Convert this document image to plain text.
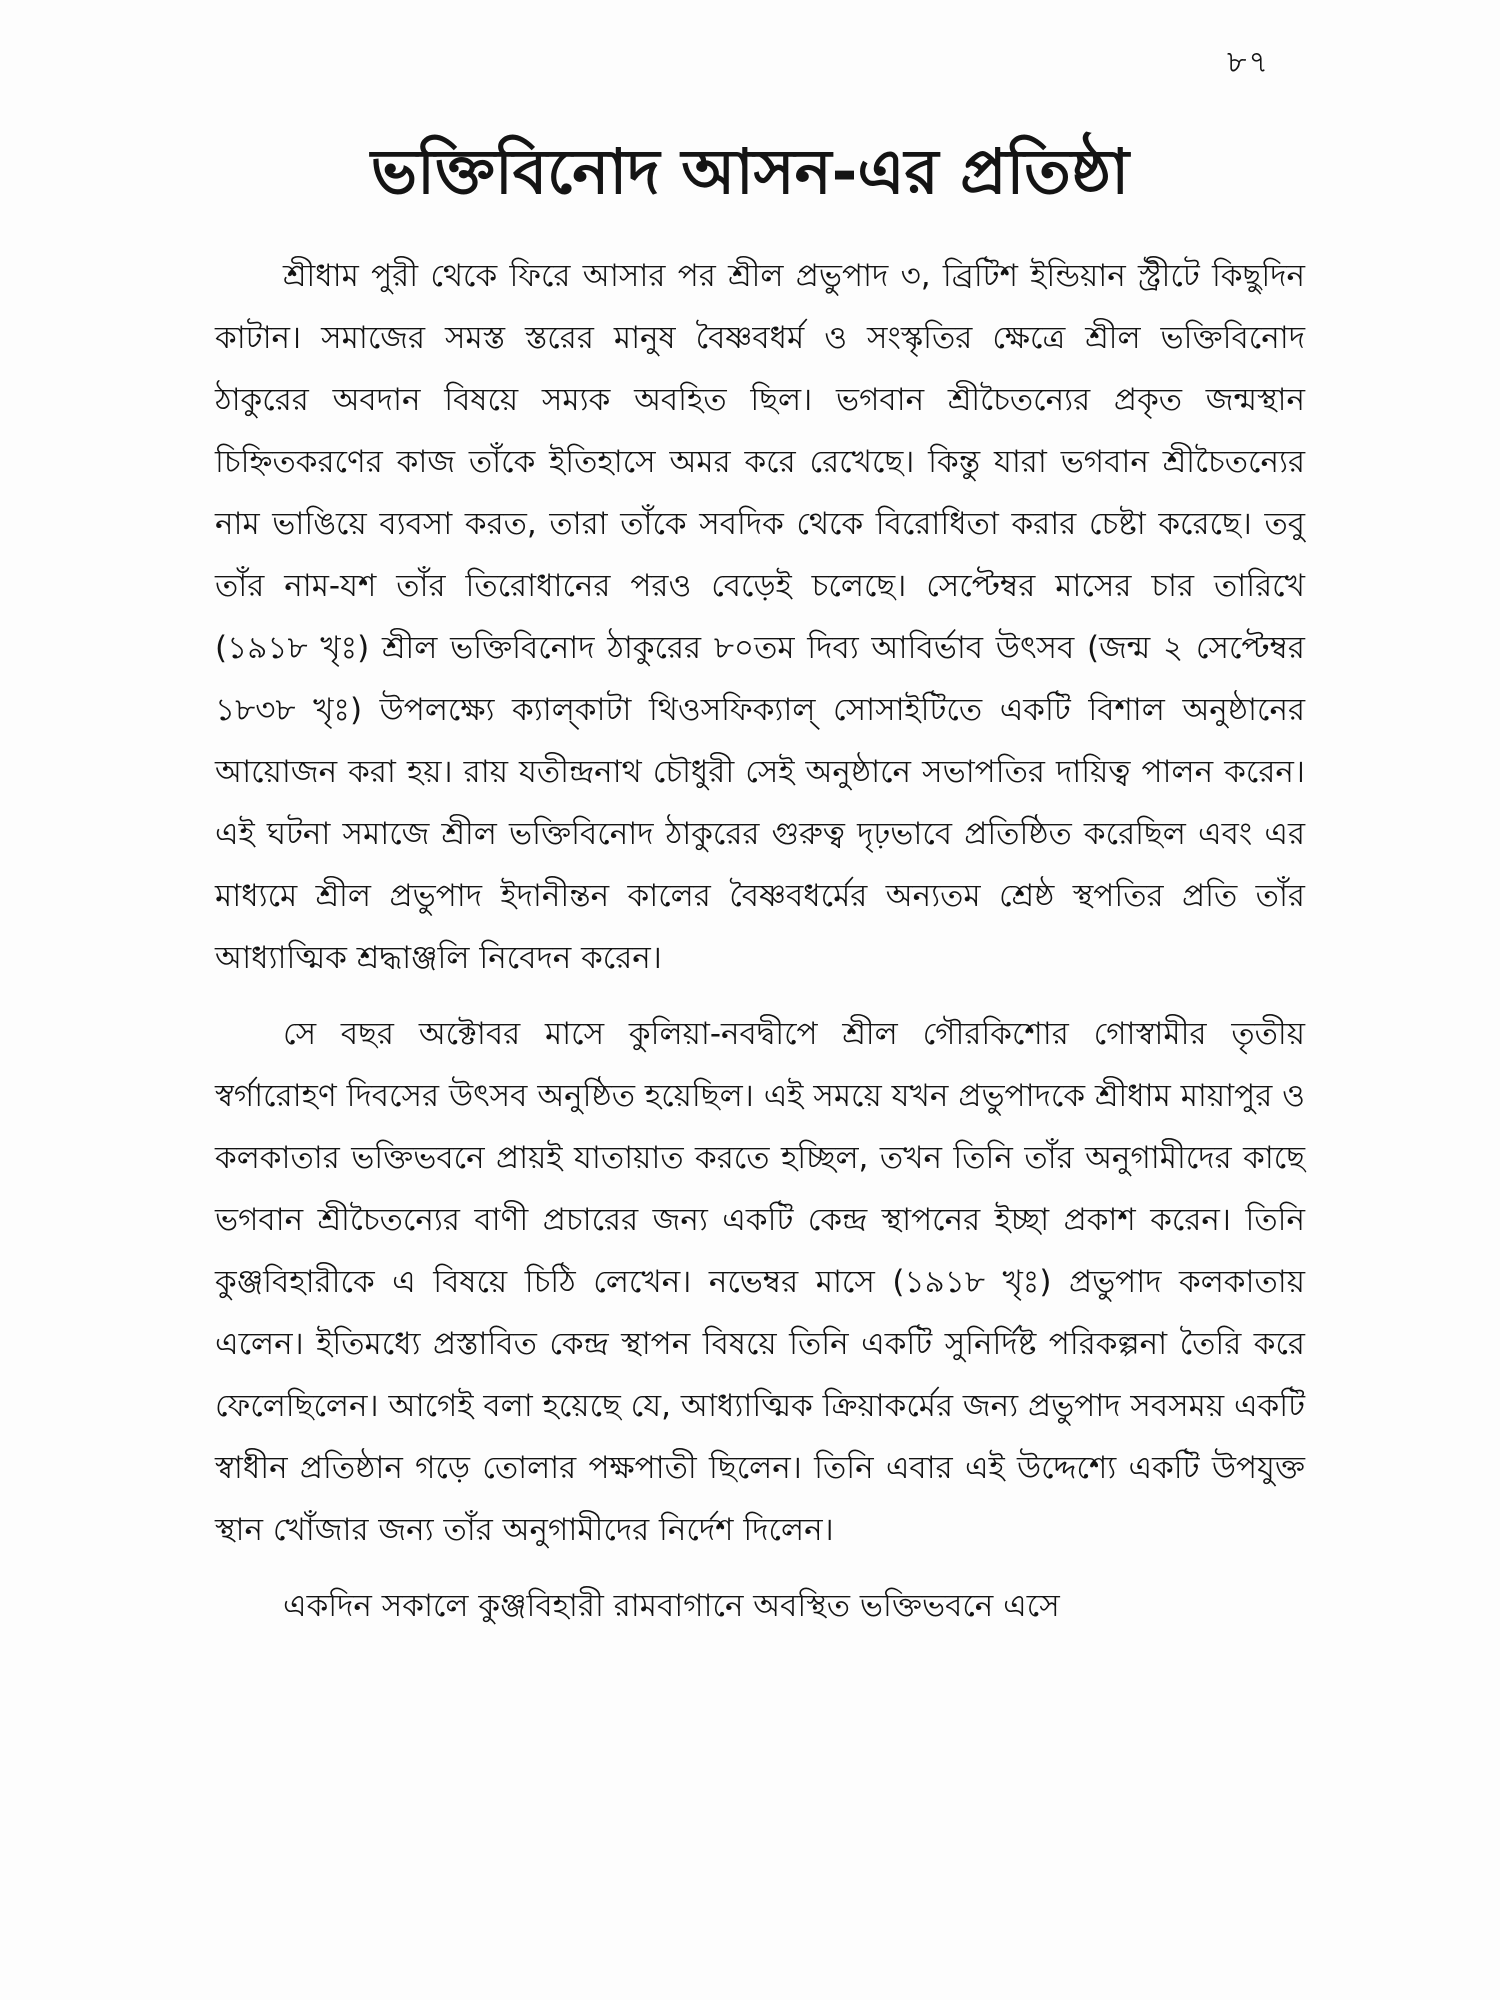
৮৭
ভক্তিবিনোদ আসন-এর প্রতিষ্ঠা

শ্রীধাম পুরী থেকে ফিরে আসার পর শ্রীল প্রভুপাদ ৩, ব্রিটিশ ইন্ডিয়ান স্ট্রীটে কিছুদিন কাটান। সমাজের সমস্ত স্তরের মানুষ বৈষ্ণবধর্ম ও সংস্কৃতির ক্ষেত্রে শ্রীল ভক্তিবিনোদ ঠাকুরের অবদান বিষয়ে সম্যক অবহিত ছিল। ভগবান শ্রীচৈতন্যের প্রকৃত জন্মস্থান চিহ্নিতকরণের কাজ তাঁকে ইতিহাসে অমর করে রেখেছে। কিন্তু যারা ভগবান শ্রীচৈতন্যের নাম ভাঙিয়ে ব্যবসা করত, তারা তাঁকে সবদিক থেকে বিরোধিতা করার চেষ্টা করেছে। তবু তাঁর নাম-যশ তাঁর তিরোধানের পরও বেড়েই চলেছে। সেপ্টেম্বর মাসের চার তারিখে (১৯১৮ খৃঃ) শ্রীল ভক্তিবিনোদ ঠাকুরের ৮০তম দিব্য আবির্ভাব উৎসব (জন্ম ২ সেপ্টেম্বর ১৮৩৮ খৃঃ) উপলক্ষ্যে ক্যাল্‌কাটা থিওসফিক্যাল্‌ সোসাইটিতে একটি বিশাল অনুষ্ঠানের আয়োজন করা হয়। রায় যতীন্দ্রনাথ চৌধুরী সেই অনুষ্ঠানে সভাপতির দায়িত্ব পালন করেন। এই ঘটনা সমাজে শ্রীল ভক্তিবিনোদ ঠাকুরের গুরুত্ব দৃঢ়ভাবে প্রতিষ্ঠিত করেছিল এবং এর মাধ্যমে শ্রীল প্রভুপাদ ইদানীন্তন কালের বৈষ্ণবধর্মের অন্যতম শ্রেষ্ঠ স্থপতির প্রতি তাঁর আধ্যাত্মিক শ্রদ্ধাঞ্জলি নিবেদন করেন।

সে বছর অক্টোবর মাসে কুলিয়া-নবদ্বীপে শ্রীল গৌরকিশোর গোস্বামীর তৃতীয় স্বর্গারোহণ দিবসের উৎসব অনুষ্ঠিত হয়েছিল। এই সময়ে যখন প্রভুপাদকে শ্রীধাম মায়াপুর ও কলকাতার ভক্তিভবনে প্রায়ই যাতায়াত করতে হচ্ছিল, তখন তিনি তাঁর অনুগামীদের কাছে ভগবান শ্রীচৈতন্যের বাণী প্রচারের জন্য একটি কেন্দ্র স্থাপনের ইচ্ছা প্রকাশ করেন। তিনি কুঞ্জবিহারীকে এ বিষয়ে চিঠি লেখেন। নভেম্বর মাসে (১৯১৮ খৃঃ) প্রভুপাদ কলকাতায় এলেন। ইতিমধ্যে প্রস্তাবিত কেন্দ্র স্থাপন বিষয়ে তিনি একটি সুনির্দিষ্ট পরিকল্পনা তৈরি করে ফেলেছিলেন। আগেই বলা হয়েছে যে, আধ্যাত্মিক ক্রিয়াকর্মের জন্য প্রভুপাদ সবসময় একটি স্বাধীন প্রতিষ্ঠান গড়ে তোলার পক্ষপাতী ছিলেন। তিনি এবার এই উদ্দেশ্যে একটি উপযুক্ত স্থান খোঁজার জন্য তাঁর অনুগামীদের নির্দেশ দিলেন।

একদিন সকালে কুঞ্জবিহারী রামবাগানে অবস্থিত ভক্তিভবনে এসে
